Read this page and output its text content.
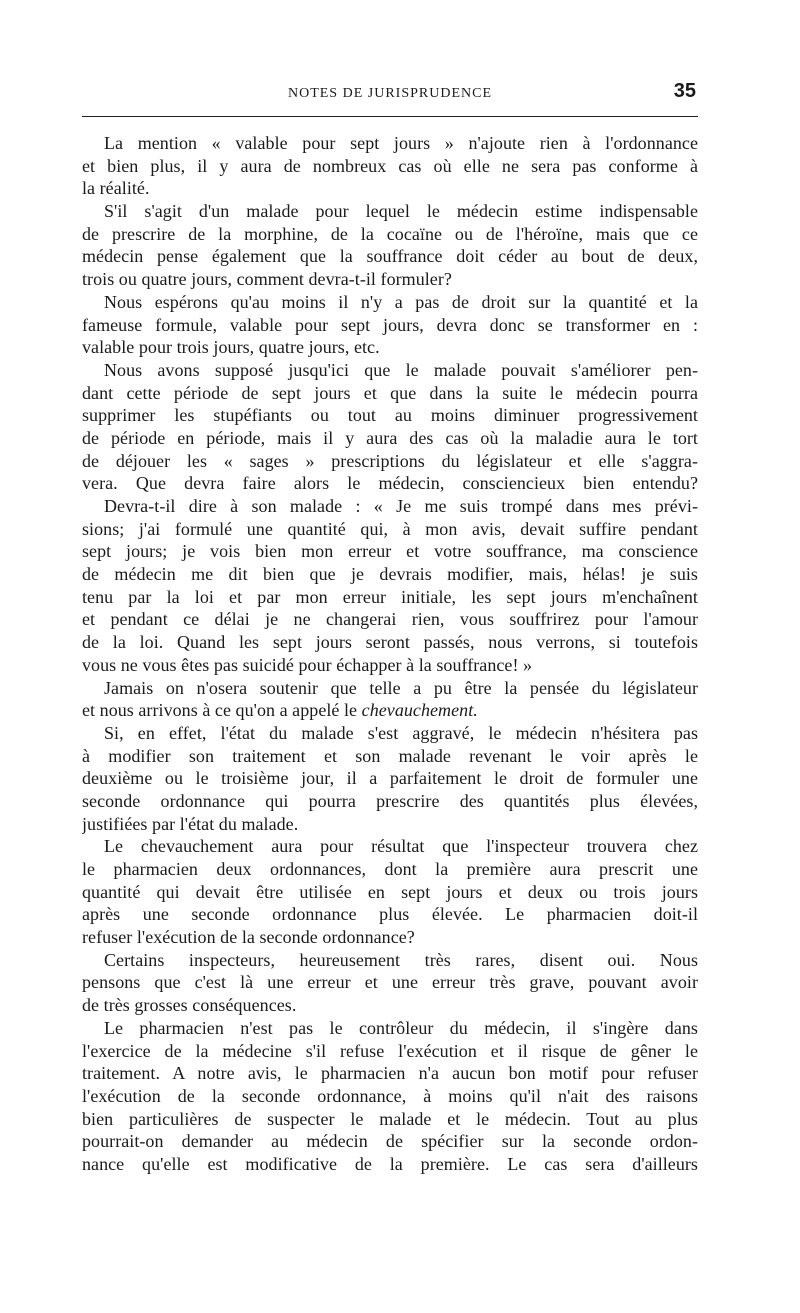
NOTES DE JURISPRUDENCE	35
La mention « valable pour sept jours » n'ajoute rien à l'ordonnance
et bien plus, il y aura de nombreux cas où elle ne sera pas conforme à
la réalité.
S'il s'agit d'un malade pour lequel le médecin estime indispensable
de prescrire de la morphine, de la cocaïne ou de l'héroïne, mais que ce
médecin pense également que la souffrance doit céder au bout de deux,
trois ou quatre jours, comment devra-t-il formuler?
Nous espérons qu'au moins il n'y a pas de droit sur la quantité et la
fameuse formule, valable pour sept jours, devra donc se transformer en :
valable pour trois jours, quatre jours, etc.
Nous avons supposé jusqu'ici que le malade pouvait s'améliorer pen-
dant cette période de sept jours et que dans la suite le médecin pourra
supprimer les stupéfiants ou tout au moins diminuer progressivement
de période en période, mais il y aura des cas où la maladie aura le tort
de déjouer les « sages » prescriptions du législateur et elle s'aggra-
vera. Que devra faire alors le médecin, consciencieux bien entendu?
Devra-t-il dire à son malade : « Je me suis trompé dans mes prévi-
sions; j'ai formulé une quantité qui, à mon avis, devait suffire pendant
sept jours; je vois bien mon erreur et votre souffrance, ma conscience
de médecin me dit bien que je devrais modifier, mais, hélas! je suis
tenu par la loi et par mon erreur initiale, les sept jours m'enchaînent
et pendant ce délai je ne changerai rien, vous souffrirez pour l'amour
de la loi. Quand les sept jours seront passés, nous verrons, si toutefois
vous ne vous êtes pas suicidé pour échapper à la souffrance! »
Jamais on n'osera soutenir que telle a pu être la pensée du législateur
et nous arrivons à ce qu'on a appelé le chevauchement.
Si, en effet, l'état du malade s'est aggravé, le médecin n'hésitera pas
à modifier son traitement et son malade revenant le voir après le
deuxième ou le troisième jour, il a parfaitement le droit de formuler une
seconde ordonnance qui pourra prescrire des quantités plus élevées,
justifiées par l'état du malade.
Le chevauchement aura pour résultat que l'inspecteur trouvera chez
le pharmacien deux ordonnances, dont la première aura prescrit une
quantité qui devait être utilisée en sept jours et deux ou trois jours
après une seconde ordonnance plus élevée. Le pharmacien doit-il
refuser l'exécution de la seconde ordonnance?
Certains inspecteurs, heureusement très rares, disent oui. Nous
pensons que c'est là une erreur et une erreur très grave, pouvant avoir
de très grosses conséquences.
Le pharmacien n'est pas le contrôleur du médecin, il s'ingère dans
l'exercice de la médecine s'il refuse l'exécution et il risque de gêner le
traitement. A notre avis, le pharmacien n'a aucun bon motif pour refuser
l'exécution de la seconde ordonnance, à moins qu'il n'ait des raisons
bien particulières de suspecter le malade et le médecin. Tout au plus
pourrait-on demander au médecin de spécifier sur la seconde ordon-
nance qu'elle est modificative de la première. Le cas sera d'ailleurs
